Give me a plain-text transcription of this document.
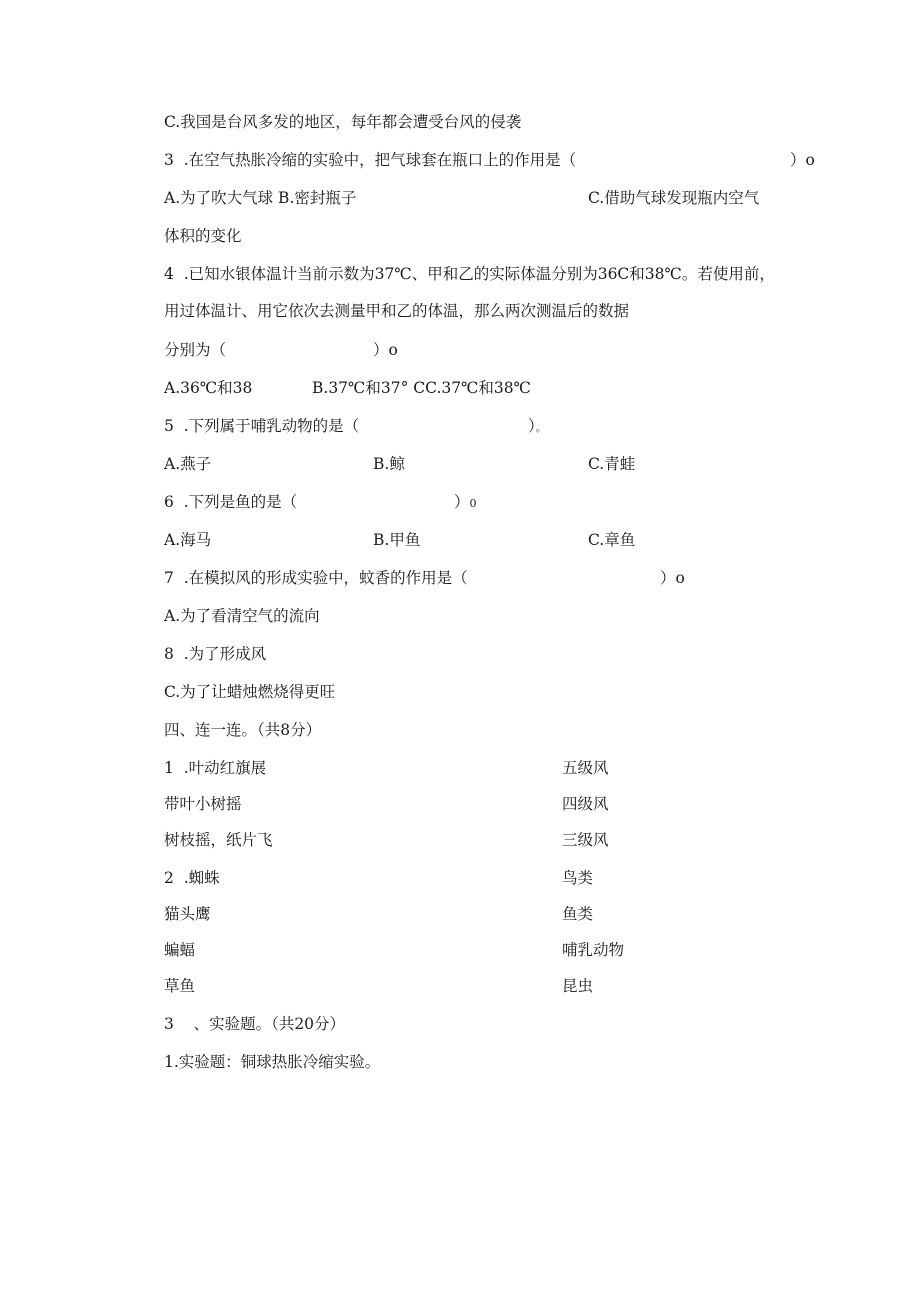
C.我国是台风多发的地区，每年都会遭受台风的侵袭
3  .在空气热胀冷缩的实验中，把气球套在瓶口上的作用是（	）o
A.为了吹大气球 B.密封瓶子	C.借助气球发现瓶内空气
体积的变化
4  .已知水银体温计当前示数为37℃、甲和乙的实际体温分别为36C和38℃。若使用前，
用过体温计、用它依次去测量甲和乙的体温，那么两次测温后的数据
分别为（	）o
A.36℃和38	B.37℃和37° CC.37℃和38℃
5  .下列属于哺乳动物的是（	）。
A.燕子	B.鲸	C.青蛙
6  .下列是鱼的是（	）0
A.海马	B.甲鱼	C.章鱼
7  .在模拟风的形成实验中，蚊香的作用是（	）o
A.为了看清空气的流向
8  .为了形成风
C.为了让蜡烛燃烧得更旺
四、连一连。（共8分）
1  .叶动红旗展	五级风
带叶小树摇	四级风
树枝摇，纸片飞	三级风
2  .蜘蛛	鸟类
猫头鹰	鱼类
蝙蝠	哺乳动物
草鱼	昆虫
3    、实验题。（共20分）
1.实验题：铜球热胀冷缩实验。
